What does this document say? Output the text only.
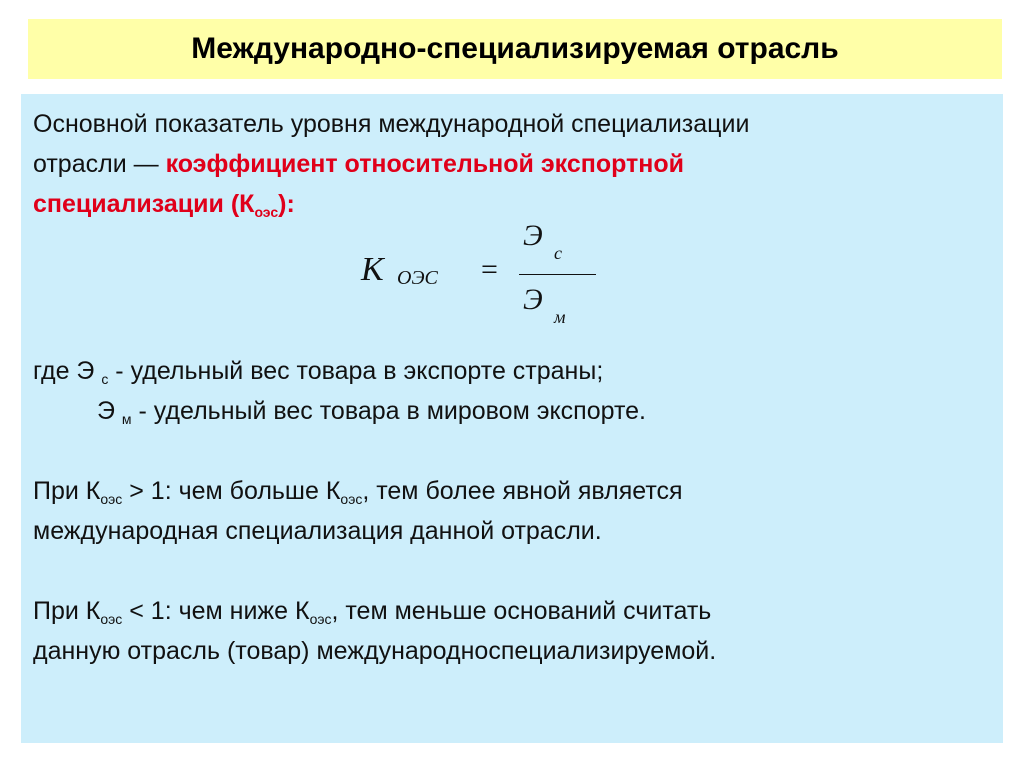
Международно-специализируемая отрасль

Основной показатель уровня международной специализации

отрасли — коэффициент относительной экспортной

специализации $(К_{оэс})$:

K ОЭС =
Э
с
Э
м

где Э $_с$ - удельный вес товара в экспорте страны;

Э $_м$ - удельный вес товара в мировом экспорте.

При $К_{оэс} > 1$: чем больше $К_{оэс}$, тем более явной является

международная специализация данной отрасли.

При $К_{оэс} < 1$: чем ниже $К_{оэс}$, тем меньше оснований считать

данную отрасль (товар) международноспециализируемой.
